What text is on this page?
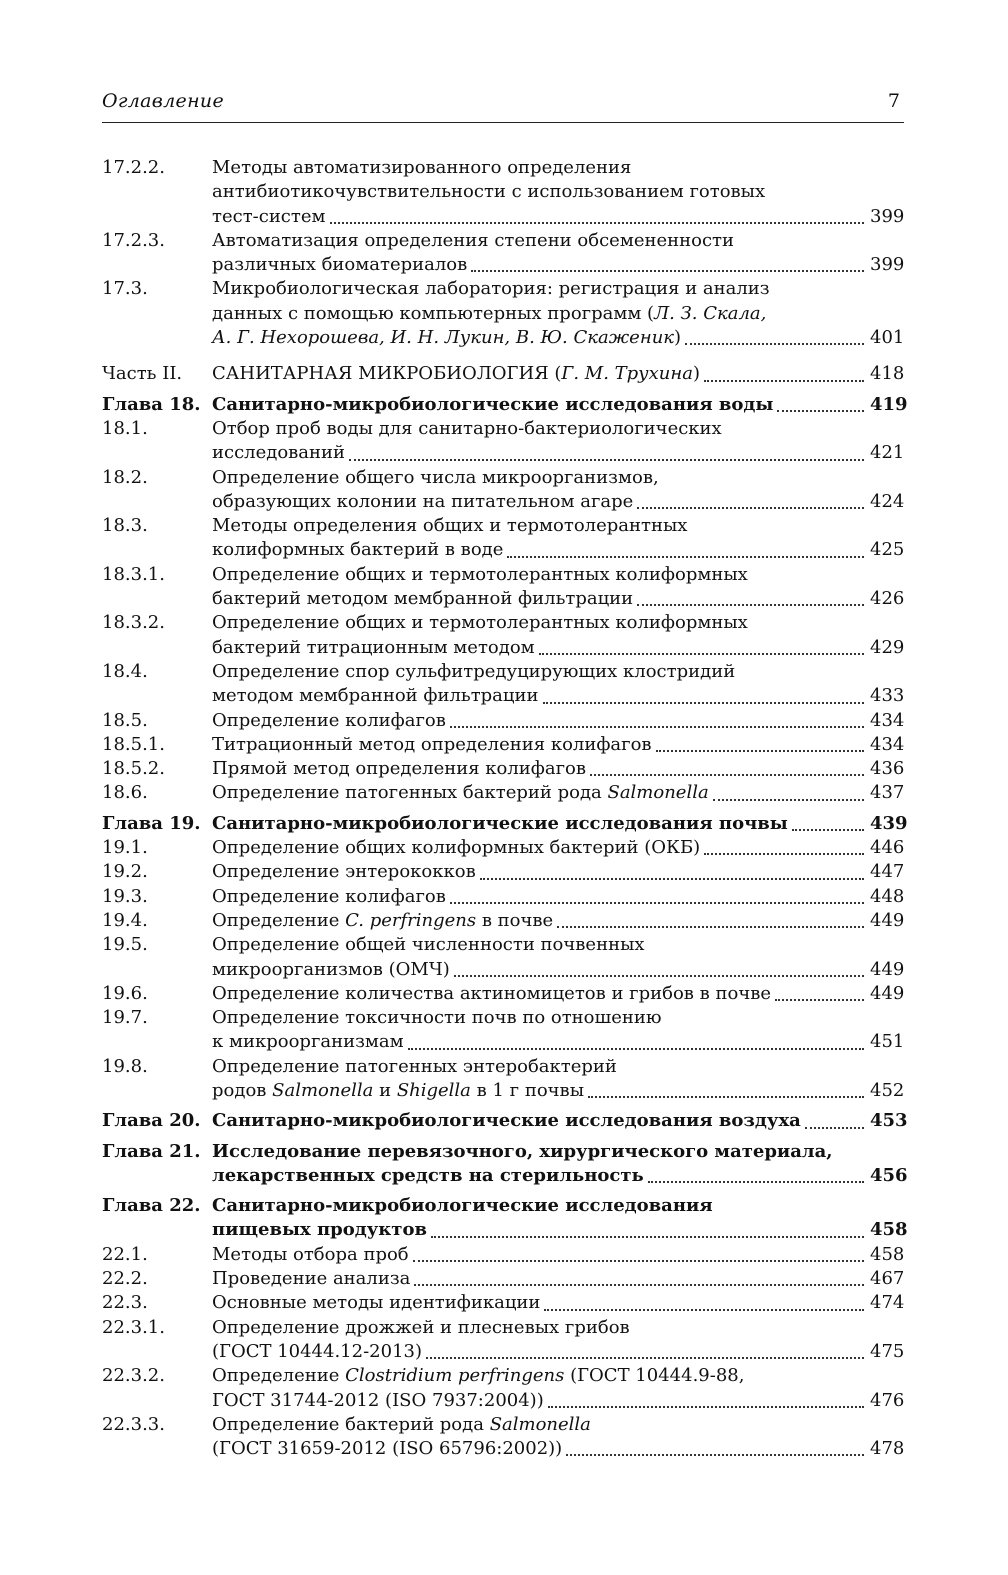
Оглавление	7
17.2.2.	Методы автоматизированного определения
антибиотикочувствительности с использованием готовых
тест-систем	399
17.2.3.	Автоматизация определения степени обсемененности
различных биоматериалов	399
17.3.	Микробиологическая лаборатория: регистрация и анализ
данных с помощью компьютерных программ (Л. З. Скала,
А. Г. Нехорошева, И. Н. Лукин, В. Ю. Скаженик)	401
Часть II.	САНИТАРНАЯ МИКРОБИОЛОГИЯ (Г. М. Трухина)	418
Глава 18. Санитарно-микробиологические исследования воды	419
18.1.	Отбор проб воды для санитарно-бактериологических
исследований	421
18.2.	Определение общего числа микроорганизмов,
образующих колонии на питательном агаре	424
18.3.	Методы определения общих и термотолерантных
колиформных бактерий в воде	425
18.3.1.	Определение общих и термотолерантных колиформных
бактерий методом мембранной фильтрации	426
18.3.2.	Определение общих и термотолерантных колиформных
бактерий титрационным методом	429
18.4.	Определение спор сульфитредуцирующих клостридий
методом мембранной фильтрации	433
18.5.	Определение колифагов	434
18.5.1.	Титрационный метод определения колифагов	434
18.5.2.	Прямой метод определения колифагов	436
18.6.	Определение патогенных бактерий рода Salmonella	437
Глава 19. Санитарно-микробиологические исследования почвы	439
19.1.	Определение общих колиформных бактерий (ОКБ)	446
19.2.	Определение энтерококков	447
19.3.	Определение колифагов	448
19.4.	Определение C. perfringens в почве	449
19.5.	Определение общей численности почвенных
микроорганизмов (ОМЧ)	449
19.6.	Определение количества актиномицетов и грибов в почве	449
19.7.	Определение токсичности почв по отношению
к микроорганизмам	451
19.8.	Определение патогенных энтеробактерий
родов Salmonella и Shigella в 1 г почвы	452
Глава 20. Санитарно-микробиологические исследования воздуха	453
Глава 21. Исследование перевязочного, хирургического материала,
лекарственных средств на стерильность	456
Глава 22. Санитарно-микробиологические исследования
пищевых продуктов	458
22.1.	Методы отбора проб	458
22.2.	Проведение анализа	467
22.3.	Основные методы идентификации	474
22.3.1.	Определение дрожжей и плесневых грибов
(ГОСТ 10444.12-2013)	475
22.3.2.	Определение Clostridium perfringens (ГОСТ 10444.9-88,
ГОСТ 31744-2012 (ISO 7937:2004))	476
22.3.3.	Определение бактерий рода Salmonella
(ГОСТ 31659-2012 (ISO 65796:2002))	478
